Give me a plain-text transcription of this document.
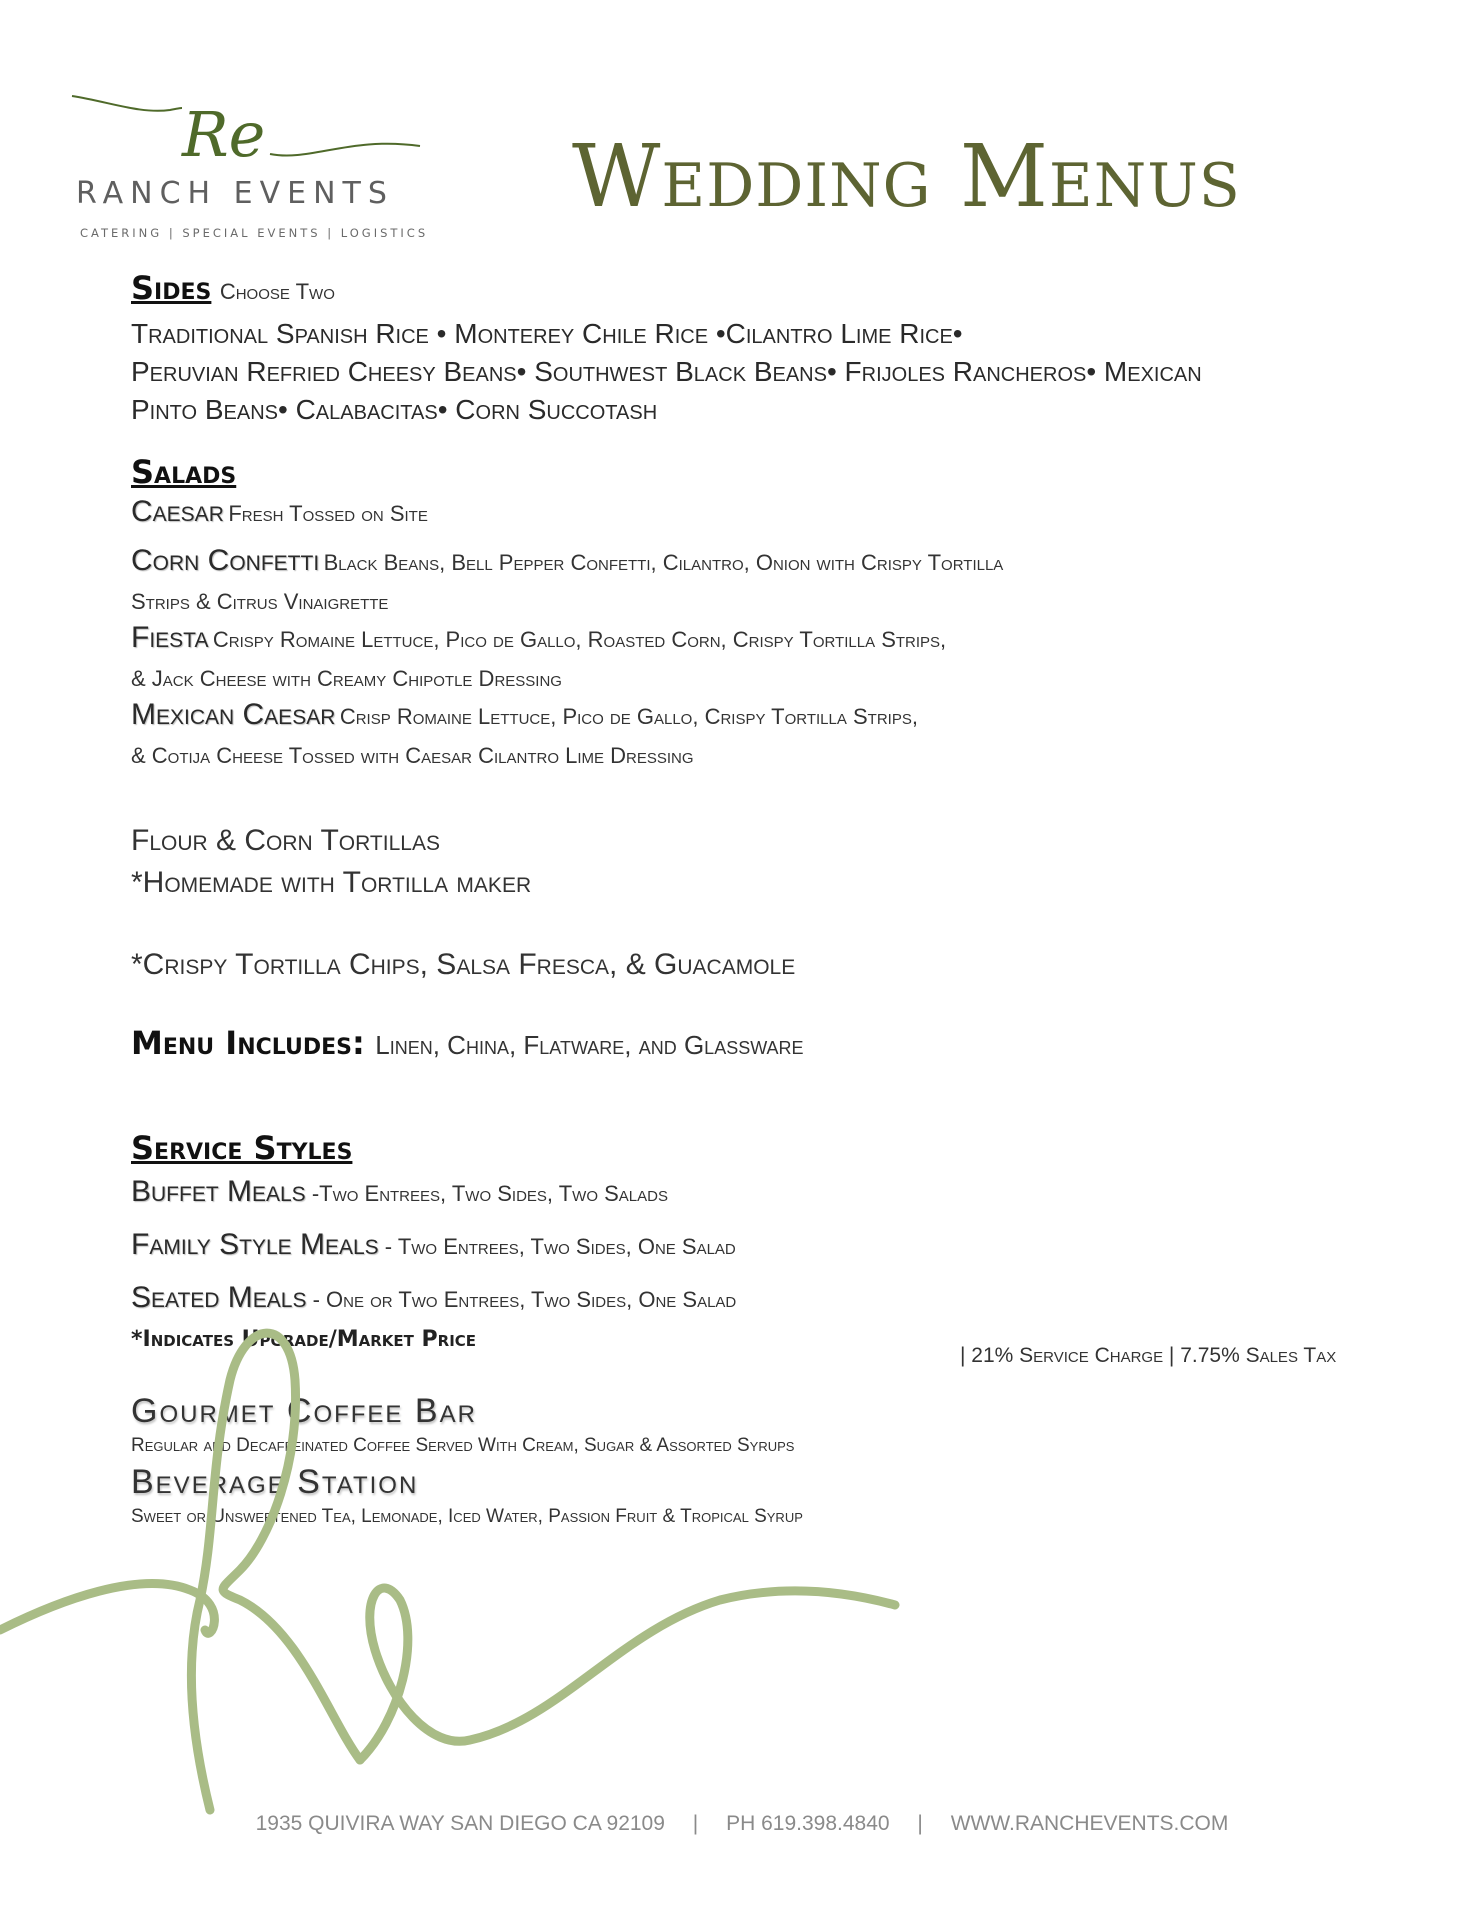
Re
RANCH EVENTS
CATERING | SPECIAL EVENTS | LOGISTICS
Wedding Menus
Sides Choose Two
Traditional Spanish Rice • Monterey Chile Rice •Cilantro Lime Rice•
Peruvian Refried Cheesy Beans• Southwest Black Beans• Frijoles Rancheros• Mexican
Pinto Beans• Calabacitas• Corn Succotash
Salads
Caesar Fresh Tossed on Site
Corn Confetti Black Beans, Bell Pepper Confetti, Cilantro, Onion with Crispy Tortilla
Strips & Citrus Vinaigrette
Fiesta Crispy Romaine Lettuce, Pico de Gallo, Roasted Corn, Crispy Tortilla Strips,
& Jack Cheese with Creamy Chipotle Dressing
Mexican Caesar Crisp Romaine Lettuce, Pico de Gallo, Crispy Tortilla Strips,
& Cotija Cheese Tossed with Caesar Cilantro Lime Dressing
Flour & Corn Tortillas
*Homemade with Tortilla maker
*Crispy Tortilla Chips, Salsa Fresca, & Guacamole
Menu Includes: Linen, China, Flatware, and Glassware
Service Styles
Buffet Meals -Two Entrees, Two Sides, Two Salads
Family Style Meals - Two Entrees, Two Sides, One Salad
Seated Meals - One or Two Entrees, Two Sides, One Salad
*Indicates Upgrade/Market Price
| 21% Service Charge | 7.75% Sales Tax
Gourmet Coffee Bar
Regular and Decaffeinated Coffee Served With Cream, Sugar & Assorted Syrups
Beverage Station
Sweet or Unsweetened Tea, Lemonade, Iced Water, Passion Fruit & Tropical Syrup
1935 QUIVIRA WAY SAN DIEGO CA 92109 | PH 619.398.4840 | WWW.RANCHEVENTS.COM
